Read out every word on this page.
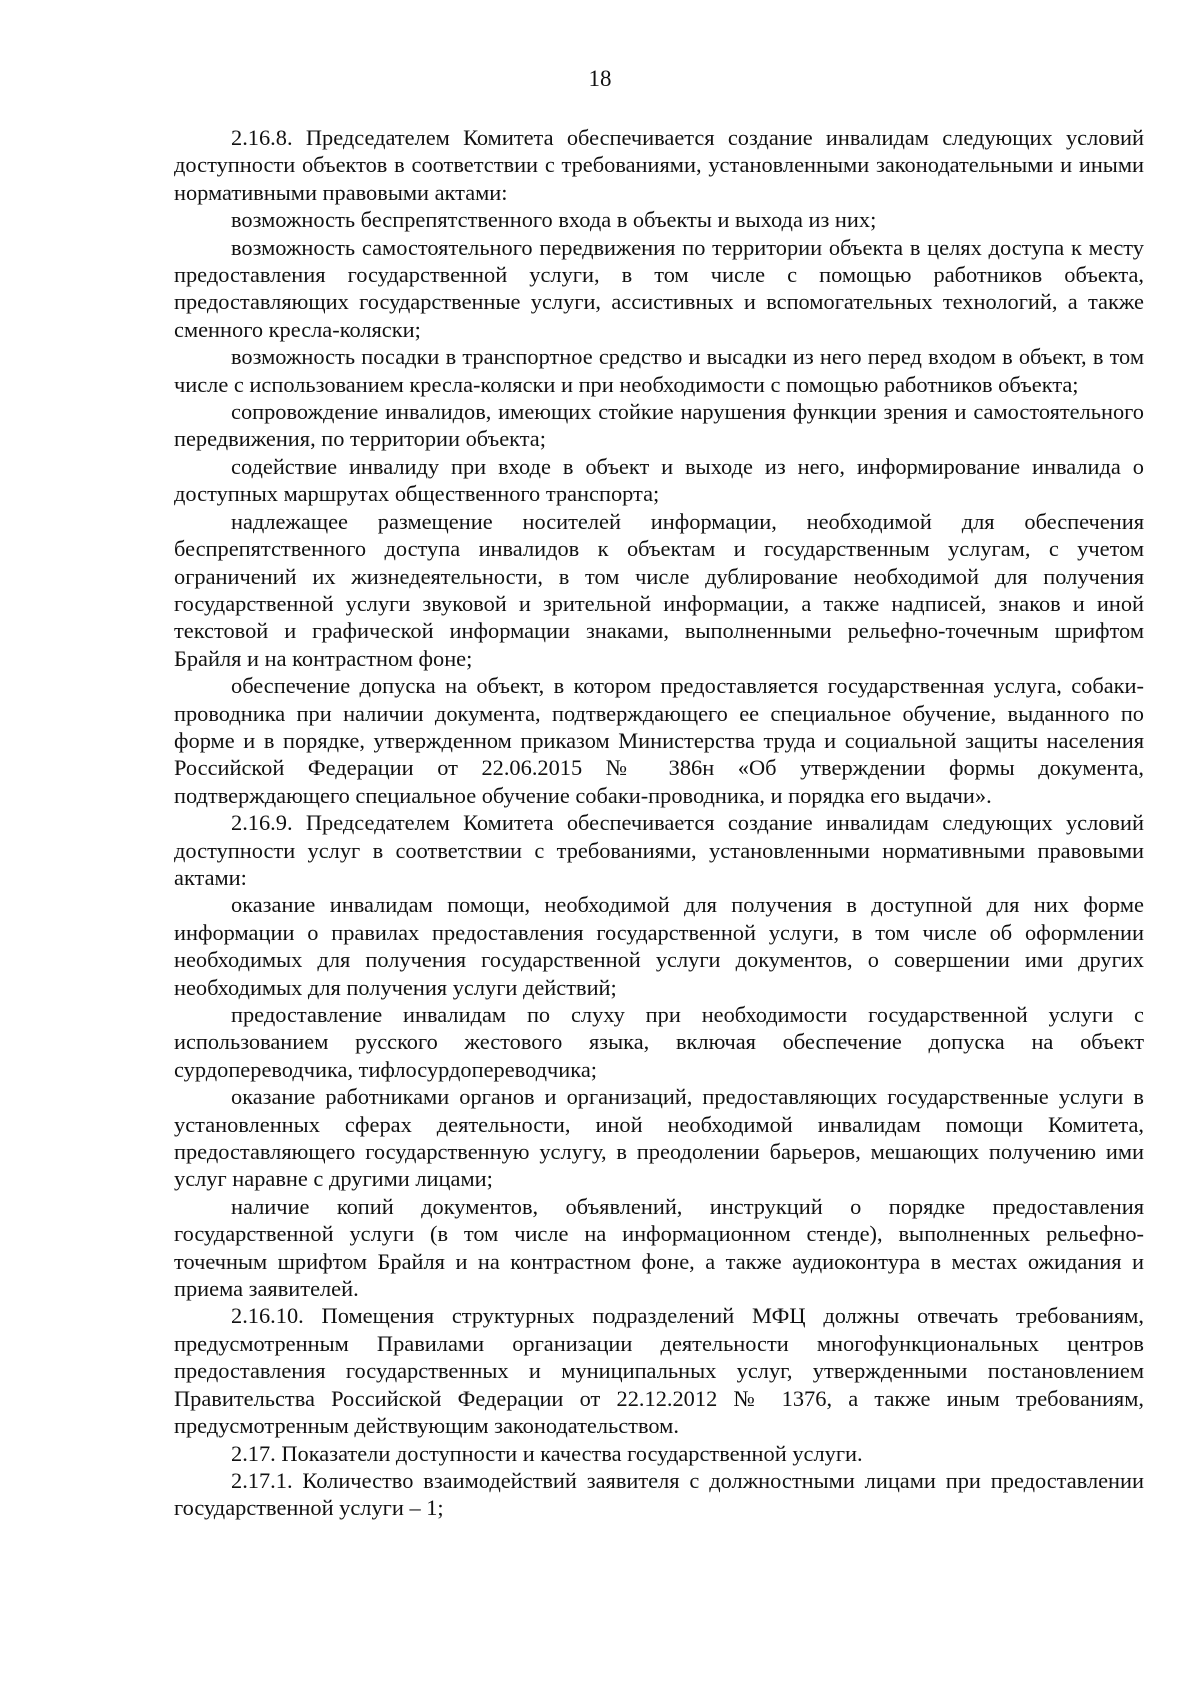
18

2.16.8. Председателем Комитета обеспечивается создание инвалидам следующих условий доступности объектов в соответствии с требованиями, установленными законодательными и иными нормативными правовыми актами:

возможность беспрепятственного входа в объекты и выхода из них;

возможность самостоятельного передвижения по территории объекта в целях доступа к месту предоставления государственной услуги, в том числе с помощью работников объекта, предоставляющих государственные услуги, ассистивных и вспомогательных технологий, а также сменного кресла-коляски;

возможность посадки в транспортное средство и высадки из него перед входом в объект, в том числе с использованием кресла-коляски и при необходимости с помощью работников объекта;

сопровождение инвалидов, имеющих стойкие нарушения функции зрения и самостоятельного передвижения, по территории объекта;

содействие инвалиду при входе в объект и выходе из него, информирование инвалида о доступных маршрутах общественного транспорта;

надлежащее размещение носителей информации, необходимой для обеспечения беспрепятственного доступа инвалидов к объектам и государственным услугам, с учетом ограничений их жизнедеятельности, в том числе дублирование необходимой для получения государственной услуги звуковой и зрительной информации, а также надписей, знаков и иной текстовой и графической информации знаками, выполненными рельефно-точечным шрифтом Брайля и на контрастном фоне;

обеспечение допуска на объект, в котором предоставляется государственная услуга, собаки-проводника при наличии документа, подтверждающего ее специальное обучение, выданного по форме и в порядке, утвержденном приказом Министерства труда и социальной защиты населения Российской Федерации от 22.06.2015 № 386н «Об утверждении формы документа, подтверждающего специальное обучение собаки-проводника, и порядка его выдачи».

2.16.9. Председателем Комитета обеспечивается создание инвалидам следующих условий доступности услуг в соответствии с требованиями, установленными нормативными правовыми актами:

оказание инвалидам помощи, необходимой для получения в доступной для них форме информации о правилах предоставления государственной услуги, в том числе об оформлении необходимых для получения государственной услуги документов, о совершении ими других необходимых для получения услуги действий;

предоставление инвалидам по слуху при необходимости государственной услуги с использованием русского жестового языка, включая обеспечение допуска на объект сурдопереводчика, тифлосурдопереводчика;

оказание работниками органов и организаций, предоставляющих государственные услуги в установленных сферах деятельности, иной необходимой инвалидам помощи Комитета, предоставляющего государственную услугу, в преодолении барьеров, мешающих получению ими услуг наравне с другими лицами;

наличие копий документов, объявлений, инструкций о порядке предоставления государственной услуги (в том числе на информационном стенде), выполненных рельефно-точечным шрифтом Брайля и на контрастном фоне, а также аудиоконтура в местах ожидания и приема заявителей.

2.16.10. Помещения структурных подразделений МФЦ должны отвечать требованиям, предусмотренным Правилами организации деятельности многофункциональных центров предоставления государственных и муниципальных услуг, утвержденными постановлением Правительства Российской Федерации от 22.12.2012 № 1376, а также иным требованиям, предусмотренным действующим законодательством.

2.17. Показатели доступности и качества государственной услуги.

2.17.1. Количество взаимодействий заявителя с должностными лицами при предоставлении государственной услуги – 1;
